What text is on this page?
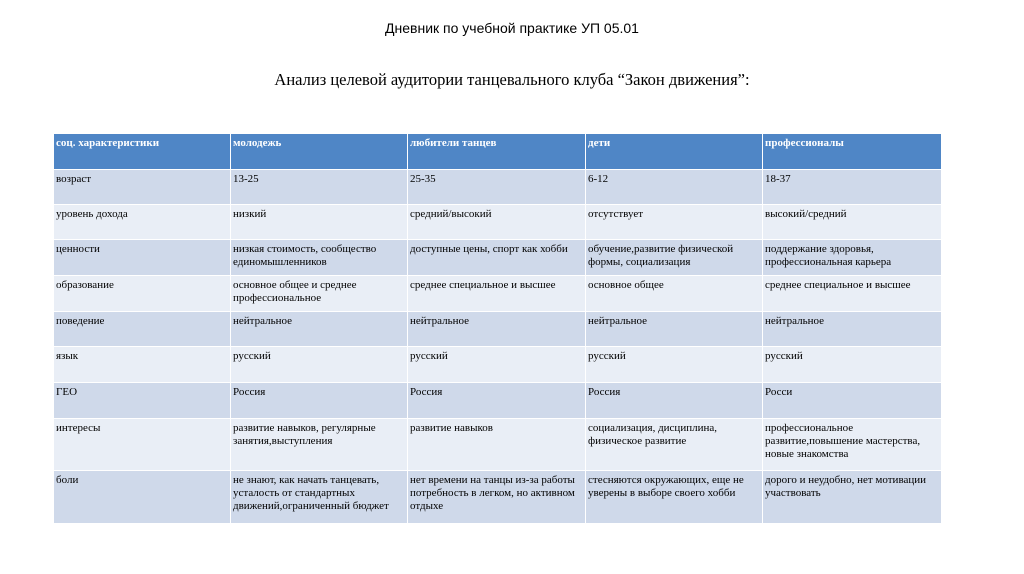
Дневник по учебной практике УП 05.01
Анализ целевой аудитории танцевального клуба “Закон движения”:
соц. характеристики	молодежь	любители танцев	дети	профессионалы
возраст	13-25	25-35	6-12	18-37
уровень дохода	низкий	средний/высокий	отсутствует	высокий/средний
ценности	низкая стоимость, сообщество единомышленников	доступные цены, спорт как хобби	обучение,развитие физической формы, социализация	поддержание здоровья, профессиональная карьера
образование	основное общее и среднее профессиональное	среднее специальное и высшее	основное общее	среднее специальное и высшее
поведение	нейтральное	нейтральное	нейтральное	нейтральное
язык	русский	русский	русский	русский
ГЕО	Россия	Россия	Россия	Росси
интересы	развитие навыков, регулярные занятия,выступления	развитие навыков	социализация, дисциплина, физическое развитие	профессиональное развитие,повышение мастерства, новые знакомства
боли	не знают, как начать танцевать, усталость от стандартных движений,ограниченный бюджет	нет времени на танцы из-за работы потребность в легком, но активном отдыхе	стесняются окружающих, еще не уверены в выборе своего хобби	дорого и неудобно, нет мотивации участвовать
